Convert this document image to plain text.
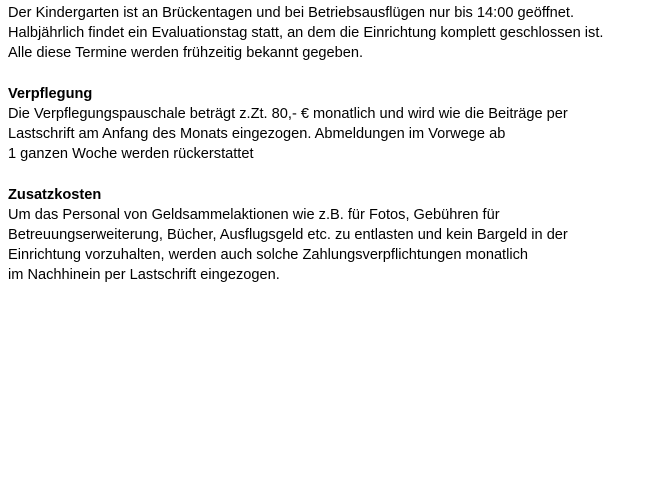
Der Kindergarten ist an Brückentagen und bei Betriebsausflügen nur bis 14:00 geöffnet.
Halbjährlich findet ein Evaluationstag statt, an dem die Einrichtung komplett geschlossen ist.
Alle diese Termine werden frühzeitig bekannt gegeben.
Verpflegung
Die Verpflegungspauschale beträgt z.Zt. 80,- € monatlich und wird wie die Beiträge per
Lastschrift am Anfang des Monats eingezogen. Abmeldungen im Vorwege ab
1 ganzen Woche werden rückerstattet
Zusatzkosten
Um das Personal von Geldsammelaktionen wie z.B. für Fotos, Gebühren für
Betreuungserweiterung, Bücher, Ausflugsgeld etc. zu entlasten und kein Bargeld in der
Einrichtung vorzuhalten, werden auch solche Zahlungsverpflichtungen monatlich
im Nachhinein per Lastschrift eingezogen.
